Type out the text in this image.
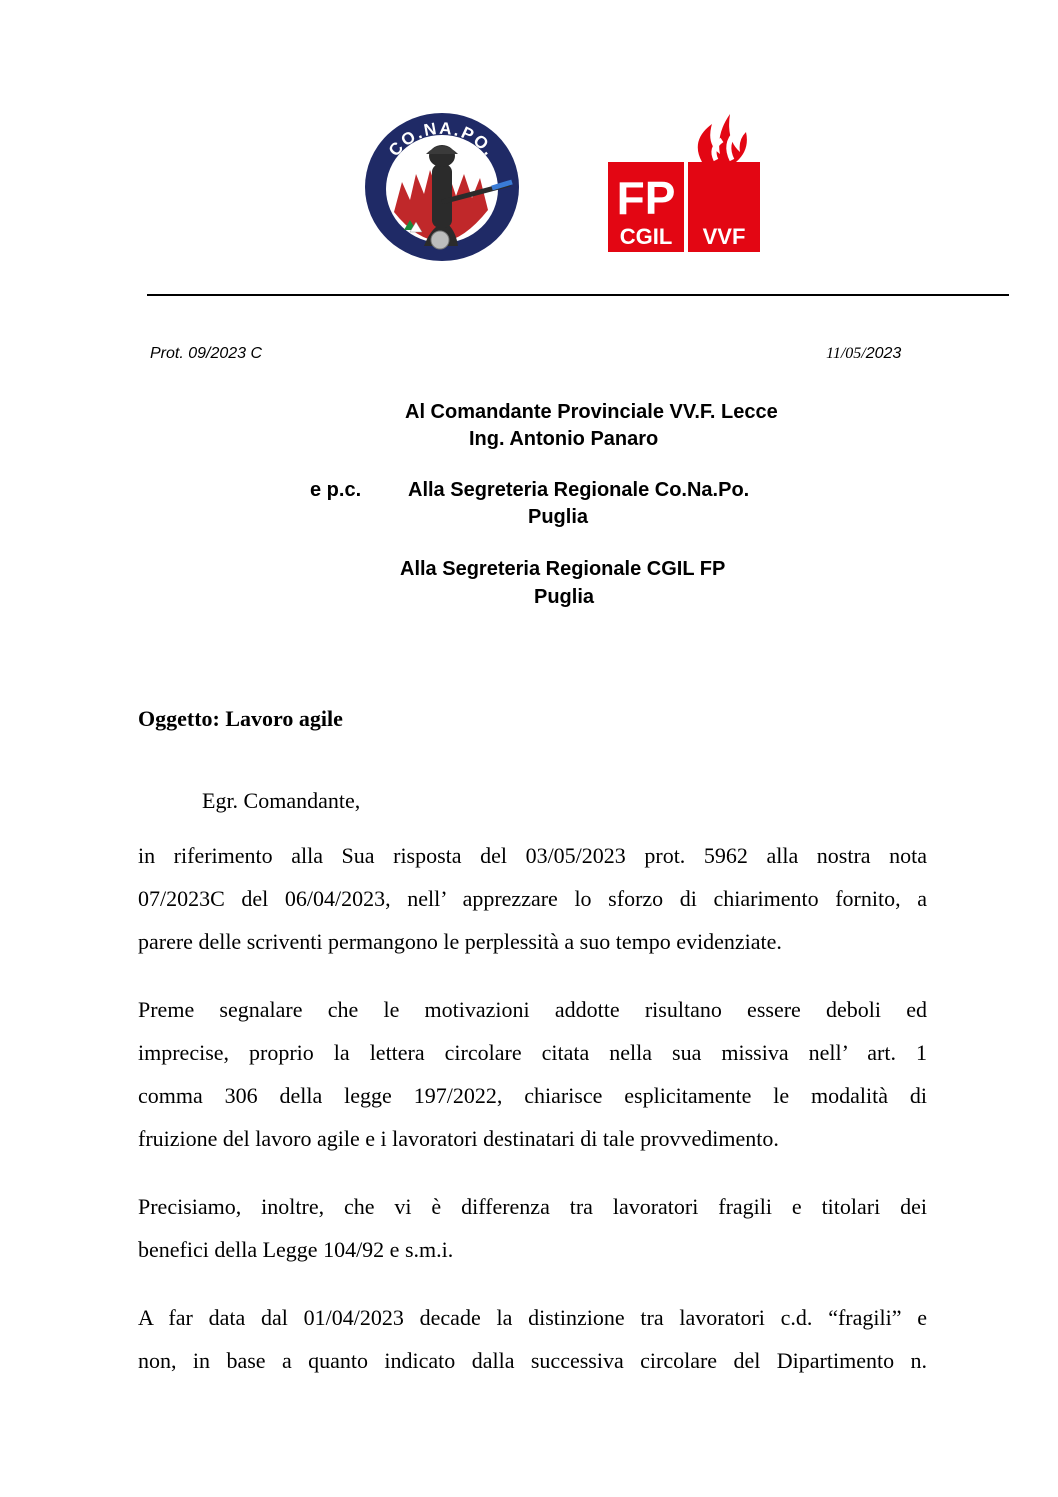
CO.NA.PO.
FP
CGIL VVF
Prot. 09/2023 C	11/05/2023
Al Comandante Provinciale VV.F. Lecce
Ing. Antonio Panaro
e p.c. Alla Segreteria Regionale Co.Na.Po.
Puglia
Alla Segreteria Regionale CGIL FP
Puglia
Oggetto: Lavoro agile
Egr. Comandante,
in riferimento alla Sua risposta del 03/05/2023 prot. 5962 alla nostra nota
07/2023C del 06/04/2023, nell’ apprezzare lo sforzo di chiarimento fornito, a
parere delle scriventi permangono le perplessità a suo tempo evidenziate.
Preme segnalare che le motivazioni addotte risultano essere deboli ed
imprecise, proprio la lettera circolare citata nella sua missiva nell’ art. 1
comma 306 della legge 197/2022, chiarisce esplicitamente le modalità di
fruizione del lavoro agile e i lavoratori destinatari di tale provvedimento.
Precisiamo, inoltre, che vi è differenza tra lavoratori fragili e titolari dei
benefici della Legge 104/92 e s.m.i.
A far data dal 01/04/2023 decade la distinzione tra lavoratori c.d. “fragili” e
non, in base a quanto indicato dalla successiva circolare del Dipartimento n.
